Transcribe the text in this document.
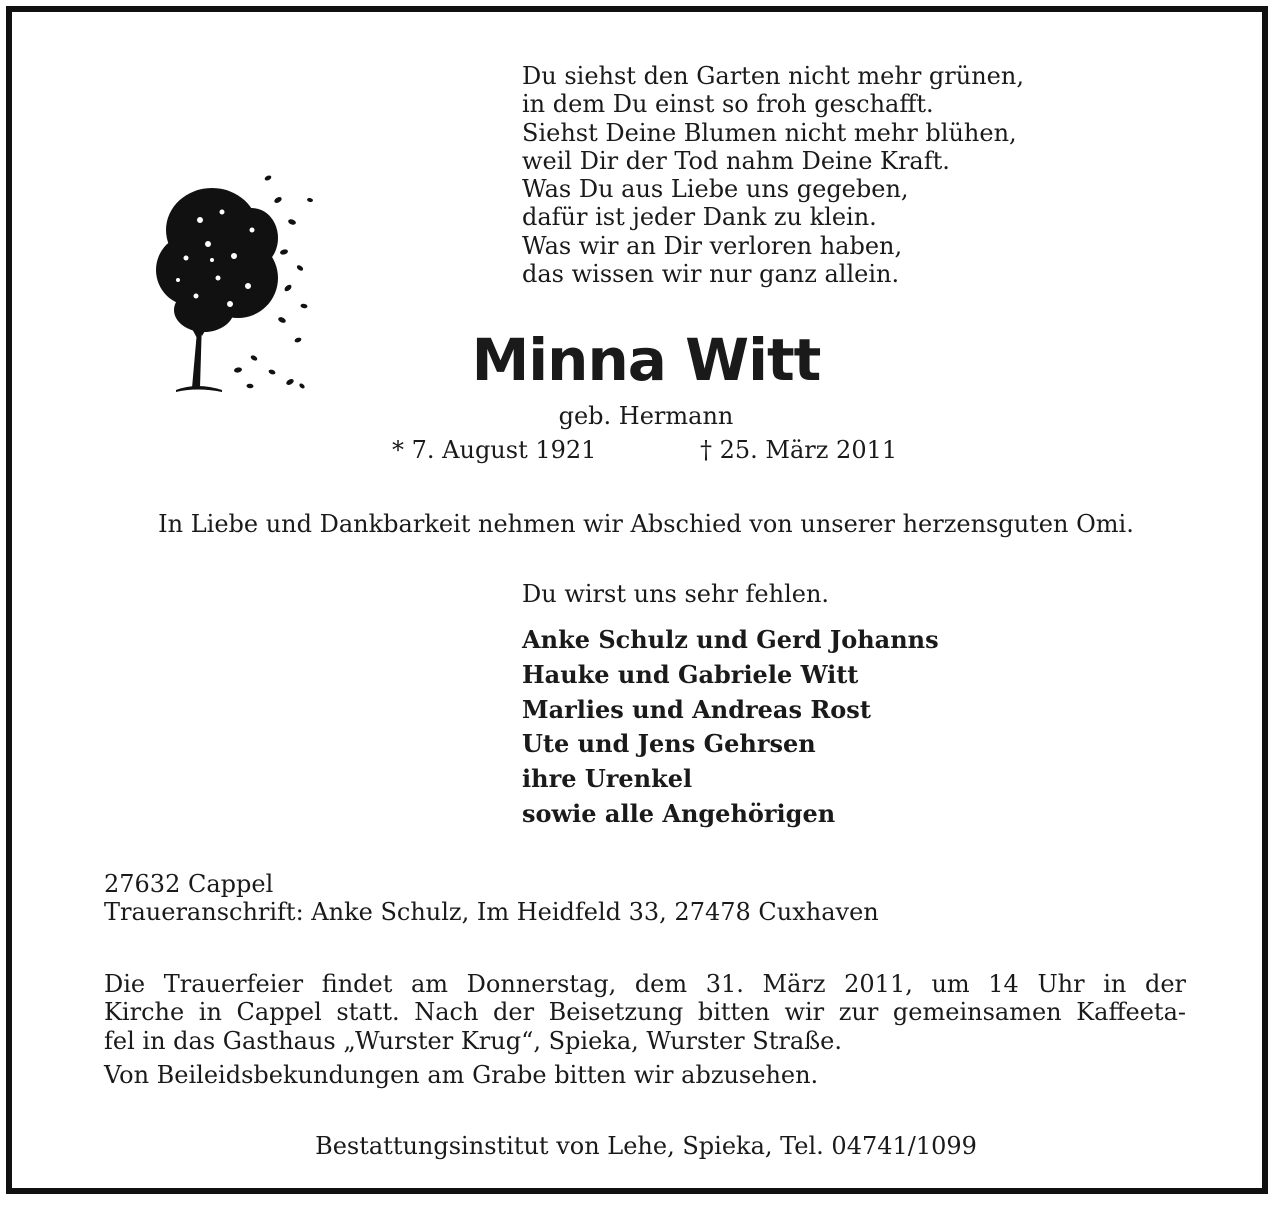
Du siehst den Garten nicht mehr grünen,
in dem Du einst so froh geschafft.
Siehst Deine Blumen nicht mehr blühen,
weil Dir der Tod nahm Deine Kraft.
Was Du aus Liebe uns gegeben,
dafür ist jeder Dank zu klein.
Was wir an Dir verloren haben,
das wissen wir nur ganz allein.
Minna Witt
geb. Hermann
* 7. August 1921	† 25. März 2011
In Liebe und Dankbarkeit nehmen wir Abschied von unserer herzensguten Omi.
Du wirst uns sehr fehlen.
Anke Schulz und Gerd Johanns
Hauke und Gabriele Witt
Marlies und Andreas Rost
Ute und Jens Gehrsen
ihre Urenkel
sowie alle Angehörigen
27632 Cappel
Traueranschrift: Anke Schulz, Im Heidfeld 33, 27478 Cuxhaven
Die Trauerfeier findet am Donnerstag, dem 31. März 2011, um 14 Uhr in der
Kirche in Cappel statt. Nach der Beisetzung bitten wir zur gemeinsamen Kaffeeta-
fel in das Gasthaus „Wurster Krug“, Spieka, Wurster Straße.
Von Beileidsbekundungen am Grabe bitten wir abzusehen.
Bestattungsinstitut von Lehe, Spieka, Tel. 04741/1099
